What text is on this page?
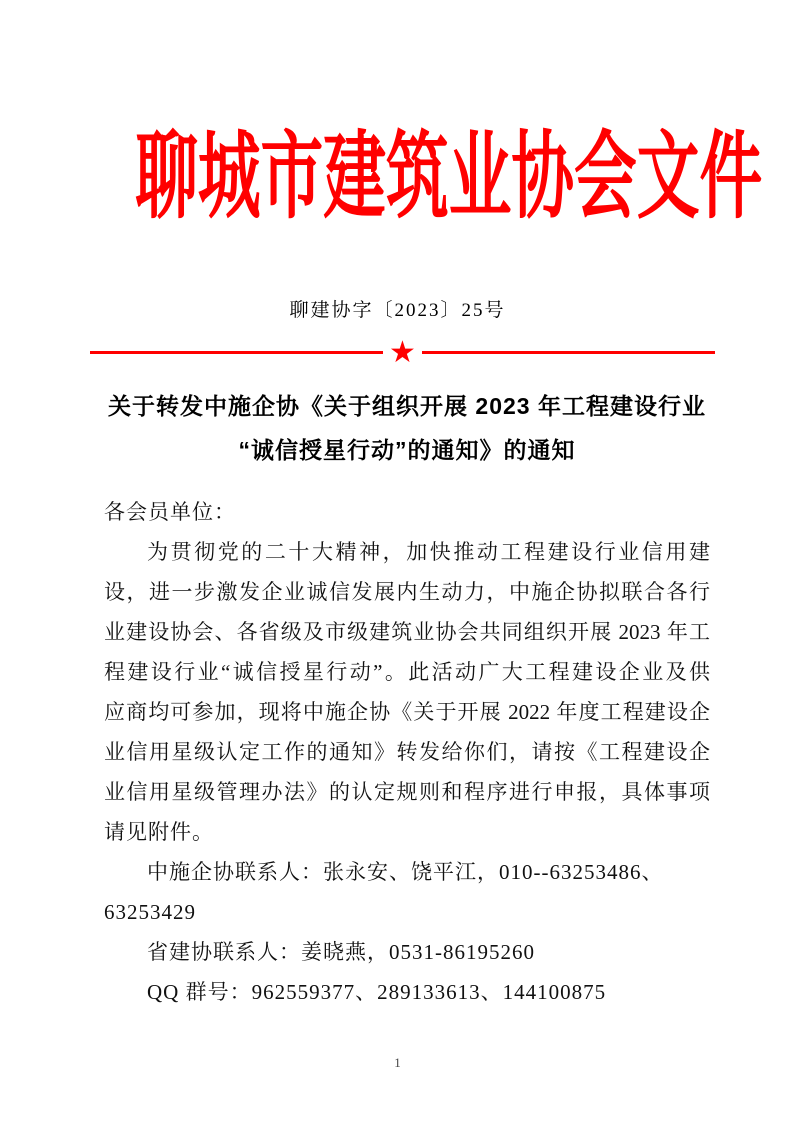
聊城市建筑业协会文件
聊建协字〔2023〕25号
★
关于转发中施企协《关于组织开展 2023 年工程建设行业
“诚信授星行动”的通知》的通知
各会员单位：
为贯彻党的二十大精神，加快推动工程建设行业信用建
设，进一步激发企业诚信发展内生动力，中施企协拟联合各行
业建设协会、各省级及市级建筑业协会共同组织开展 2023 年工
程建设行业“诚信授星行动”。此活动广大工程建设企业及供
应商均可参加，现将中施企协《关于开展 2022 年度工程建设企
业信用星级认定工作的通知》转发给你们，请按《工程建设企
业信用星级管理办法》的认定规则和程序进行申报，具体事项
请见附件。
中施企协联系人：张永安、饶平江，010--63253486、
63253429
省建协联系人：姜晓燕，0531-86195260
QQ 群号：962559377、289133613、144100875
1
